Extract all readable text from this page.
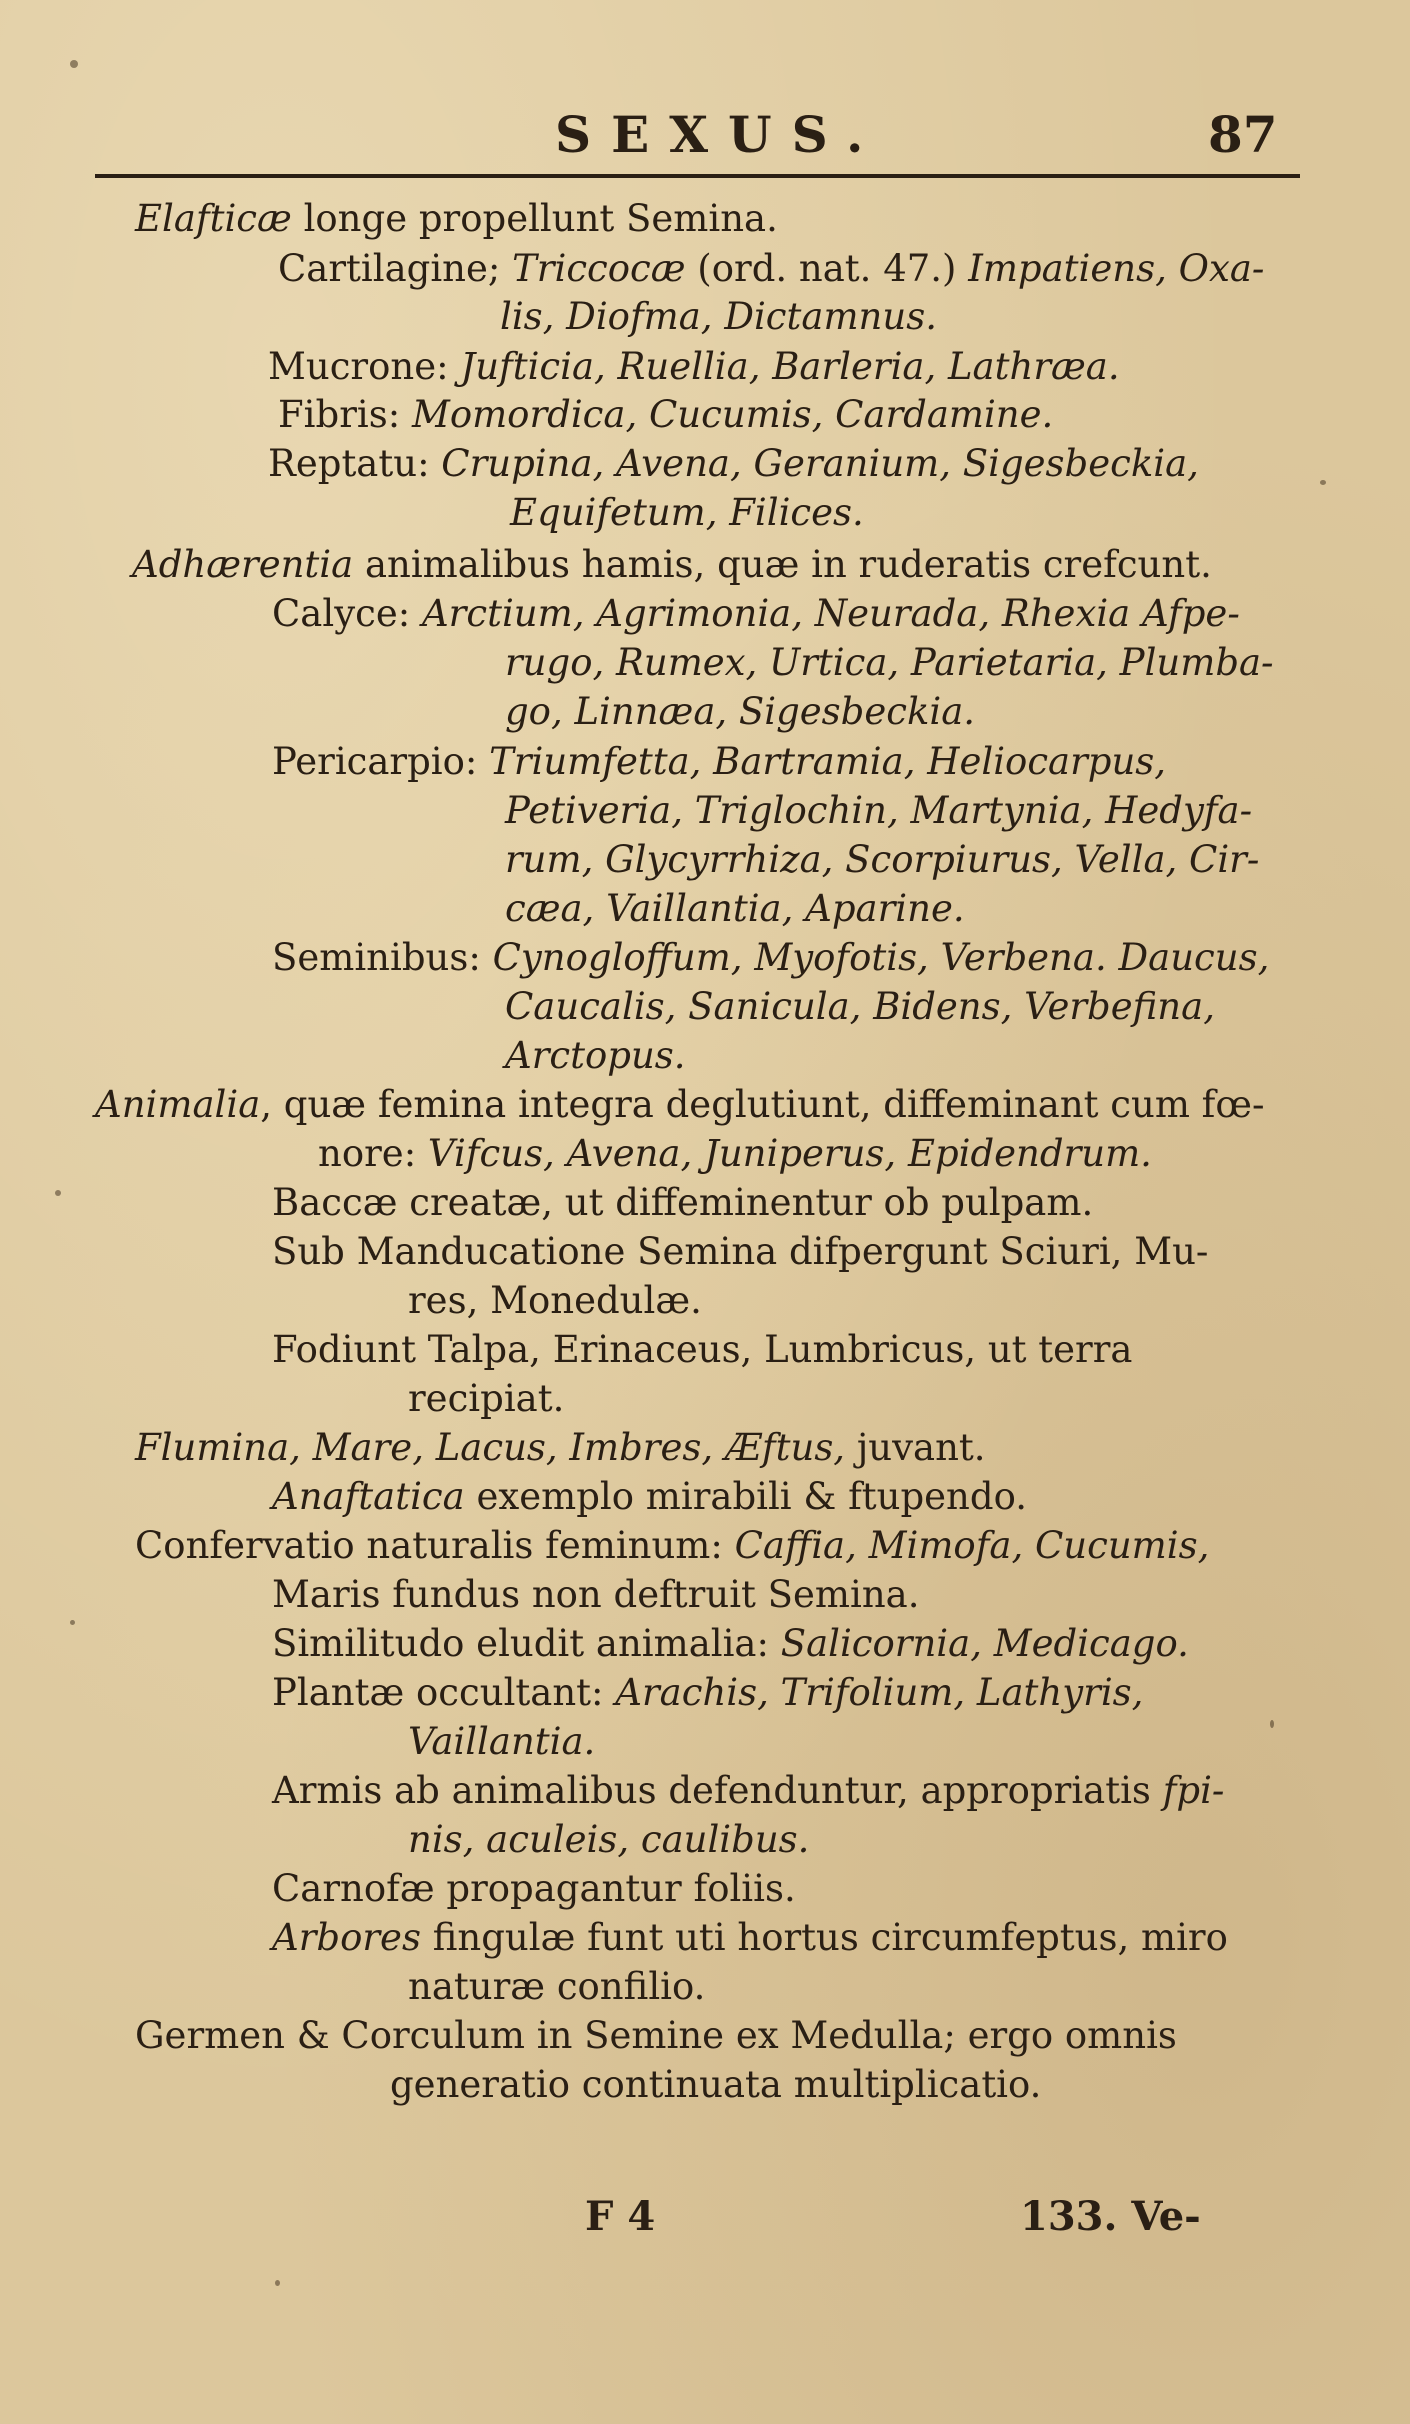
SEXUS.	87
Elafticæ longe propellunt Semina.
Cartilagine; Triccocæ (ord. nat. 47.) Impatiens, Oxa-
lis, Diofma, Dictamnus.
Mucrone: Jufticia, Ruellia, Barleria, Lathræa.
Fibris: Momordica, Cucumis, Cardamine.
Reptatu: Crupina, Avena, Geranium, Sigesbeckia,
Equifetum, Filices.
Adhærentia animalibus hamis, quæ in ruderatis crefcunt.
Calyce: Arctium, Agrimonia, Neurada, Rhexia Afpe-
rugo, Rumex, Urtica, Parietaria, Plumba-
go, Linnæa, Sigesbeckia.
Pericarpio: Triumfetta, Bartramia, Heliocarpus,
Petiveria, Triglochin, Martynia, Hedyfa-
rum, Glycyrrhiza, Scorpiurus, Vella, Cir-
cæa, Vaillantia, Aparine.
Seminibus: Cynogloffum, Myofotis, Verbena. Daucus,
Caucalis, Sanicula, Bidens, Verbefina,
Arctopus.
Animalia, quæ femina integra deglutiunt, diffeminant cum fœ-
nore: Vifcus, Avena, Juniperus, Epidendrum.
Baccæ creatæ, ut diffeminentur ob pulpam.
Sub Manducatione Semina difpergunt Sciuri, Mu-
res, Monedulæ.
Fodiunt Talpa, Erinaceus, Lumbricus, ut terra
recipiat.
Flumina, Mare, Lacus, Imbres, Æftus, juvant.
Anaftatica exemplo mirabili & ftupendo.
Confervatio naturalis feminum: Caffia, Mimofa, Cucumis,
Maris fundus non deftruit Semina.
Similitudo eludit animalia: Salicornia, Medicago.
Plantæ occultant: Arachis, Trifolium, Lathyris,
Vaillantia.
Armis ab animalibus defenduntur, appropriatis fpi-
nis, aculeis, caulibus.
Carnofæ propagantur foliis.
Arbores fingulæ funt uti hortus circumfeptus, miro
naturæ confilio.
Germen & Corculum in Semine ex Medulla; ergo omnis
generatio continuata multiplicatio.
F 4	133. Ve-
